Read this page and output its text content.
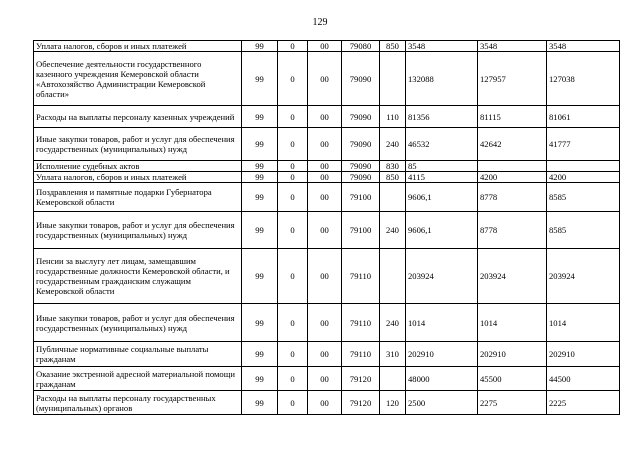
129
Уплата налогов, сборов и иных платежей	99	0	00	79080	850	3548	3548	3548
Обеспечение деятельности государственного казенного учреждения Кемеровской области «Автохозяйство Администрации Кемеровской области»	99	0	00	79090		132088	127957	127038
Расходы на выплаты персоналу казенных учреждений	99	0	00	79090	110	81356	81115	81061
Иные закупки товаров, работ и услуг для обеспечения государственных (муниципальных) нужд	99	0	00	79090	240	46532	42642	41777
Исполнение судебных актов	99	0	00	79090	830	85		
Уплата налогов, сборов и иных платежей	99	0	00	79090	850	4115	4200	4200
Поздравления и памятные подарки Губернатора Кемеровской области	99	0	00	79100		9606,1	8778	8585
Иные закупки товаров, работ и услуг для обеспечения государственных (муниципальных) нужд	99	0	00	79100	240	9606,1	8778	8585
Пенсии за выслугу лет лицам, замещавшим государственные должности Кемеровской области, и государственным гражданским служащим Кемеровской области	99	0	00	79110		203924	203924	203924
Иные закупки товаров, работ и услуг для обеспечения государственных (муниципальных) нужд	99	0	00	79110	240	1014	1014	1014
Публичные нормативные социальные выплаты гражданам	99	0	00	79110	310	202910	202910	202910
Оказание экстренной адресной материальной помощи гражданам	99	0	00	79120		48000	45500	44500
Расходы на выплаты персоналу государственных (муниципальных) органов	99	0	00	79120	120	2500	2275	2225
